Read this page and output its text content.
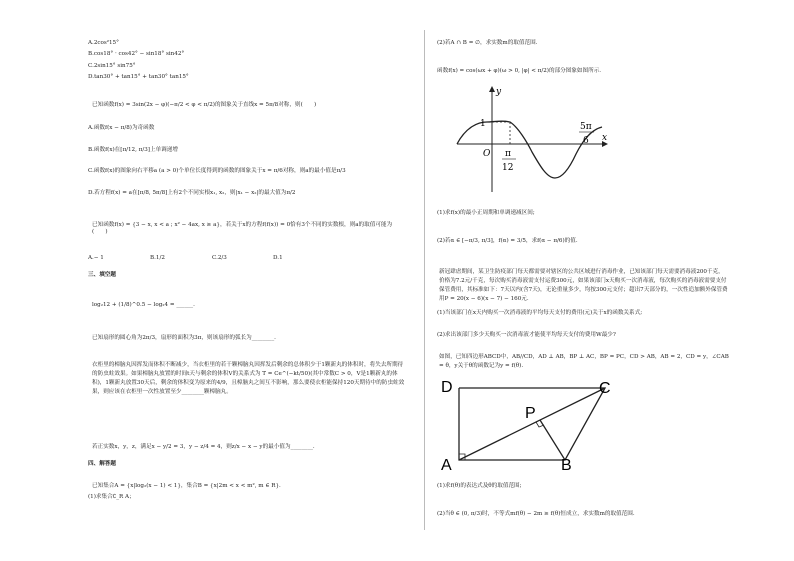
A.2cos²15°
B.cos18° · cos42° − sin18° sin42°
C.2sin15° sin75°
D.tan30° + tan15° + tan30° tan15°
已知函数f(x) = 3sin(2x − φ)(−π/2 < φ < π/2)的图象关于直线x = 5π/8对称，则(　　)
A.函数f(x − π/8)为奇函数
B.函数f(x)在[π/12, π/3]上单调递增
C.函数f(x)的图象向右平移a (a > 0)个单位长度得到的函数的图象关于x = π/6对称，则a的最小值是π/3
D.若方程f(x) = a在[π/8, 5π/8]上有2个不同实根x₁, x₂，则|x₁ − x₂|的最大值为π/2
已知函数f(x) = {3 − x, x < a ; x² − 4ax, x ≥ a}，若关于x的方程f(f(x)) = 0恰有3个不同的实数根，则a的取值可能为(　　)
A.− 1	B.1/2	C.2/3	D.1
三、填空题
log₂12 + (1/8)^0.5 − log₂4 = ______.
已知扇形的圆心角为2π/3，扇形的面积为3π，则该扇形的弧长为________.
衣柜里的樟脑丸因挥发而体积不断减少，当衣柜里的若干颗樟脑丸因挥发后剩余的总体积少于1颗新丸的体积时，将失去所期待的防虫蛀效果。如果樟脑丸放置的时间t天与剩余的体积V的关系式为 T = Ce^(−kt/50)(其中常数C > 0，V是1颗新丸的体积)，1颗新丸放置30天后，剩余的体积变为原来的4/9，且樟脑丸之间互不影响，那么要使衣柜能保持120天期待中的防虫蛀效果，则应该在衣柜里一次性放置至少________颗樟脑丸。
若正实数x，y，z，满足x − y/2 = 3，y − z/4 = 4，则z/x − x − y的最小值为________.
四、解答题
已知集合A = {x|log₂(x − 1) < 1}，集合B = {x|2m < x < m², m ∈ R}.
(1)求集合∁_R A；
(2)若A ∩ B = ∅，求实数m的取值范围.
函数f(x) = cos(ωx + φ)(ω > 0, |φ| < π/2)的部分图象如图所示.
y
x
1
O π
12
5π
6
(1)求f(x)的最小正周期和单调递减区间;
(2)若α ∈ [−π/3, π/3]，f(α) = 3/5，求f(α − π/6)的值.
新冠肆虐期间，某卫生防疫部门每天都需要对辖区的公共区域进行消毒作业，已知该部门每天需要消毒液200千克，价格为7.2元/千克，每次购买消毒液需支付运费300元，如果该部门x天购买一次消毒液，每次购买的消毒液需要支付保管费用，其标准如下：7天以内(含7天)，无论重量多少，均按300元支付；超出7天部分的，一次性追加额外保管费用P = 20(x − 6)(x − 7) − 160元.
(1)当该部门在x天内购买一次消毒液的平均每天支付的费用(元)关于x的函数关系式;
(2)求出该部门多少天购买一次消毒液才能使平均每天支付的费用W最少?
如图，已知四边形ABCD中，AB//CD，AD ⊥ AB，BP ⊥ AC，BP = PC，CD > AB，AB = 2，CD = y，∠CAB = θ，y关于θ的函数记为y = f(θ).
D	C
P
A	B
(1)求f(θ)的表达式及θ的取值范围;
(2)当θ ∈ (0, π/3)时，不等式mf(θ) − 2m ≥ f(θ)恒成立，求实数m的取值范围.
